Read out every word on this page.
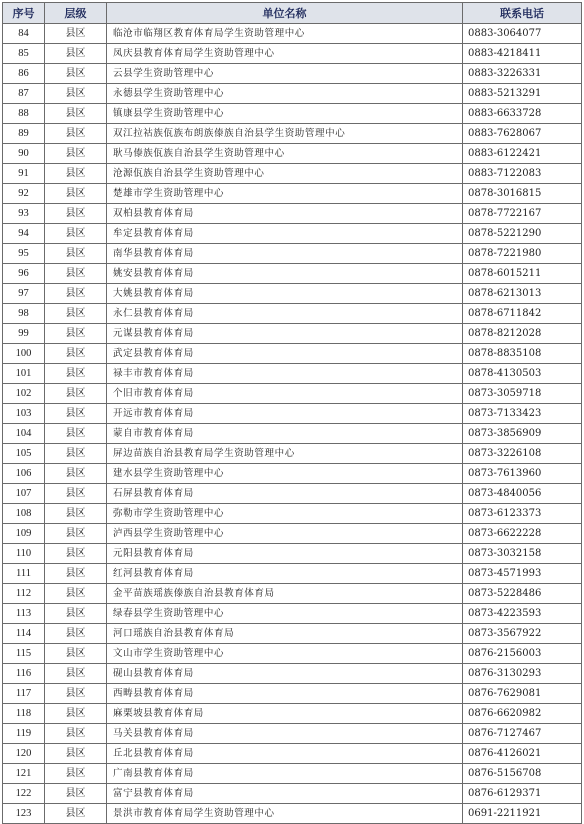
序号	层级	单位名称	联系电话
84	县区	临沧市临翔区教育体育局学生资助管理中心	0883-3064077
85	县区	凤庆县教育体育局学生资助管理中心	0883-4218411
86	县区	云县学生资助管理中心	0883-3226331
87	县区	永德县学生资助管理中心	0883-5213291
88	县区	镇康县学生资助管理中心	0883-6633728
89	县区	双江拉祜族佤族布朗族傣族自治县学生资助管理中心	0883-7628067
90	县区	耿马傣族佤族自治县学生资助管理中心	0883-6122421
91	县区	沧源佤族自治县学生资助管理中心	0883-7122083
92	县区	楚雄市学生资助管理中心	0878-3016815
93	县区	双柏县教育体育局	0878-7722167
94	县区	牟定县教育体育局	0878-5221290
95	县区	南华县教育体育局	0878-7221980
96	县区	姚安县教育体育局	0878-6015211
97	县区	大姚县教育体育局	0878-6213013
98	县区	永仁县教育体育局	0878-6711842
99	县区	元谋县教育体育局	0878-8212028
100	县区	武定县教育体育局	0878-8835108
101	县区	禄丰市教育体育局	0878-4130503
102	县区	个旧市教育体育局	0873-3059718
103	县区	开远市教育体育局	0873-7133423
104	县区	蒙自市教育体育局	0873-3856909
105	县区	屏边苗族自治县教育局学生资助管理中心	0873-3226108
106	县区	建水县学生资助管理中心	0873-7613960
107	县区	石屏县教育体育局	0873-4840056
108	县区	弥勒市学生资助管理中心	0873-6123373
109	县区	泸西县学生资助管理中心	0873-6622228
110	县区	元阳县教育体育局	0873-3032158
111	县区	红河县教育体育局	0873-4571993
112	县区	金平苗族瑶族傣族自治县教育体育局	0873-5228486
113	县区	绿春县学生资助管理中心	0873-4223593
114	县区	河口瑶族自治县教育体育局	0873-3567922
115	县区	文山市学生资助管理中心	0876-2156003
116	县区	砚山县教育体育局	0876-3130293
117	县区	西畴县教育体育局	0876-7629081
118	县区	麻栗坡县教育体育局	0876-6620982
119	县区	马关县教育体育局	0876-7127467
120	县区	丘北县教育体育局	0876-4126021
121	县区	广南县教育体育局	0876-5156708
122	县区	富宁县教育体育局	0876-6129371
123	县区	景洪市教育体育局学生资助管理中心	0691-2211921
